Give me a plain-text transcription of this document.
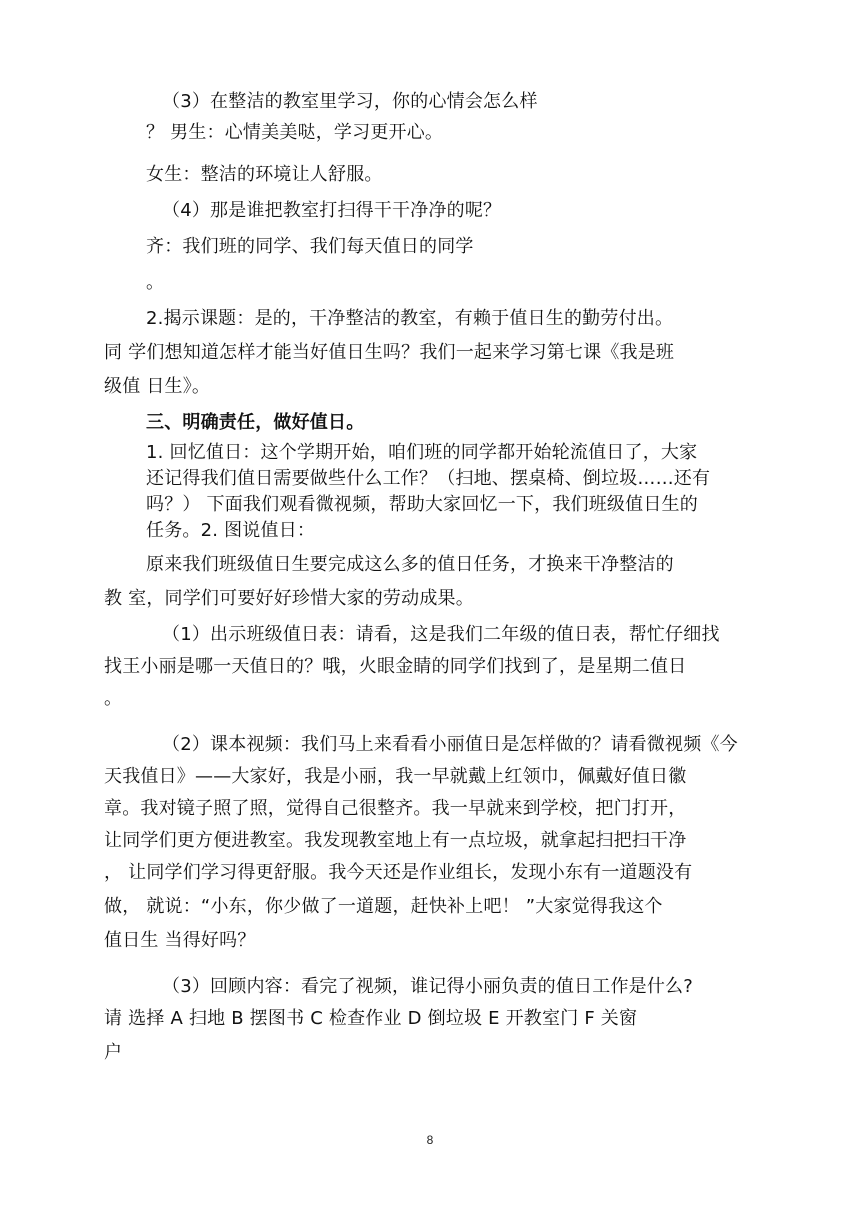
（3）在整洁的教室里学习，你的心情会怎么样
？ 男生：心情美美哒，学习更开心。
女生：整洁的环境让人舒服。
（4）那是谁把教室打扫得干干净净的呢？
齐：我们班的同学、我们每天值日的同学
。
2.揭示课题：是的，干净整洁的教室，有赖于值日生的勤劳付出。
同 学们想知道怎样才能当好值日生吗？我们一起来学习第七课《我是班
级值 日生》。
三、明确责任，做好值日。
1. 回忆值日：这个学期开始，咱们班的同学都开始轮流值日了，大家
还记得我们值日需要做些什么工作？（扫地、摆桌椅、倒垃圾……还有
吗？） 下面我们观看微视频，帮助大家回忆一下，我们班级值日生的
任务。2. 图说值日：
原来我们班级值日生要完成这么多的值日任务，才换来干净整洁的
教 室，同学们可要好好珍惜大家的劳动成果。
（1）出示班级值日表：请看，这是我们二年级的值日表，帮忙仔细找
找王小丽是哪一天值日的？哦，火眼金睛的同学们找到了，是星期二值日
。
（2）课本视频：我们马上来看看小丽值日是怎样做的？请看微视频《今
天我值日》——大家好，我是小丽，我一早就戴上红领巾，佩戴好值日徽
章。我对镜子照了照，觉得自己很整齐。我一早就来到学校，把门打开，
让同学们更方便进教室。我发现教室地上有一点垃圾，就拿起扫把扫干净
， 让同学们学习得更舒服。我今天还是作业组长，发现小东有一道题没有
做， 就说：“小东，你少做了一道题，赶快补上吧！ ”大家觉得我这个
值日生 当得好吗？
（3）回顾内容：看完了视频，谁记得小丽负责的值日工作是什么?
请 选择 A 扫地 B 摆图书 C 检查作业 D 倒垃圾 E 开教室门 F 关窗
户
8
